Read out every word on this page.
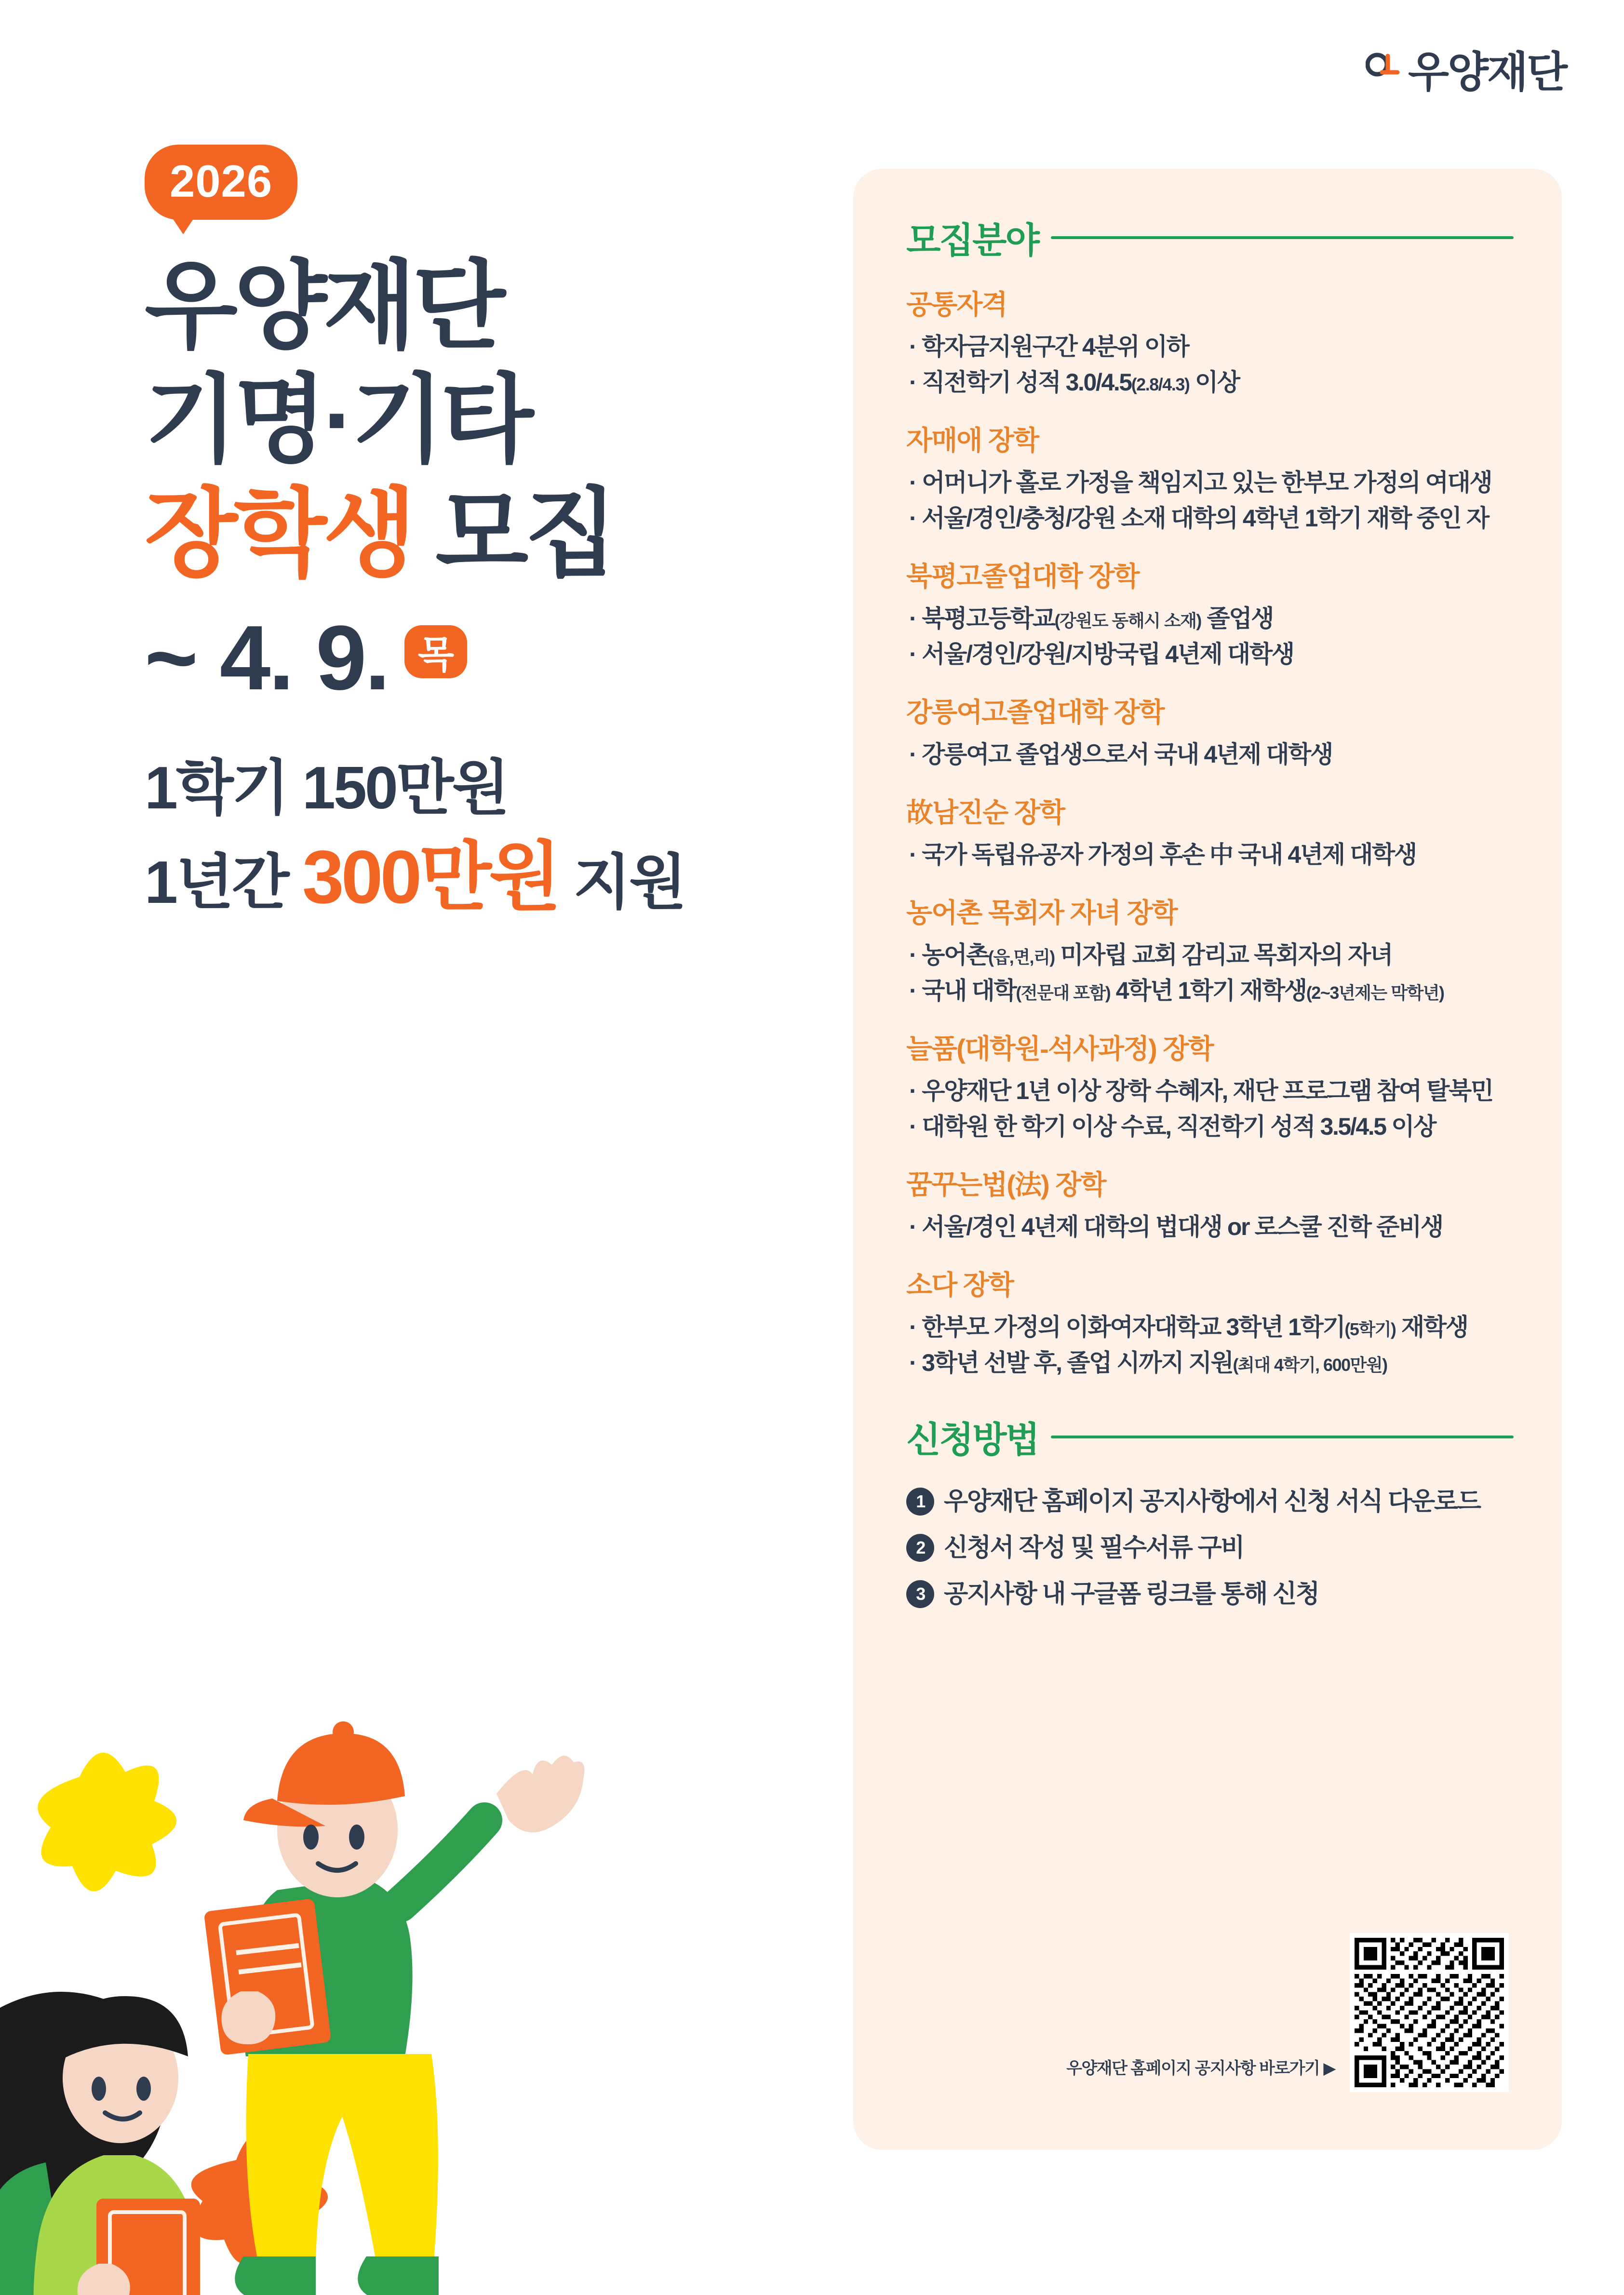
우양재단
2026
우양재단
기명·기타
장학생 모집
~ 4. 9. 목
1학기 150만원
1년간 300만원 지원
모집분야
공통자격
· 학자금지원구간 4분위 이하
· 직전학기 성적 3.0/4.5(2.8/4.3) 이상
자매애 장학
· 어머니가 홀로 가정을 책임지고 있는 한부모 가정의 여대생
· 서울/경인/충청/강원 소재 대학의 4학년 1학기 재학 중인 자
북평고졸업대학 장학
· 북평고등학교(강원도 동해시 소재) 졸업생
· 서울/경인/강원/지방국립 4년제 대학생
강릉여고졸업대학 장학
· 강릉여고 졸업생으로서 국내 4년제 대학생
故남진순 장학
· 국가 독립유공자 가정의 후손 中 국내 4년제 대학생
농어촌 목회자 자녀 장학
· 농어촌(읍,면,리) 미자립 교회 감리교 목회자의 자녀
· 국내 대학(전문대 포함) 4학년 1학기 재학생(2~3년제는 막학년)
늘품(대학원-석사과정) 장학
· 우양재단 1년 이상 장학 수혜자, 재단 프로그램 참여 탈북민
· 대학원 한 학기 이상 수료, 직전학기 성적 3.5/4.5 이상
꿈꾸는법(法) 장학
· 서울/경인 4년제 대학의 법대생 or 로스쿨 진학 준비생
소다 장학
· 한부모 가정의 이화여자대학교 3학년 1학기(5학기) 재학생
· 3학년 선발 후, 졸업 시까지 지원(최대 4학기, 600만원)
신청방법
1 우양재단 홈페이지 공지사항에서 신청 서식 다운로드
2 신청서 작성 및 필수서류 구비
3 공지사항 내 구글폼 링크를 통해 신청
우양재단 홈페이지 공지사항 바로가기 ▶
